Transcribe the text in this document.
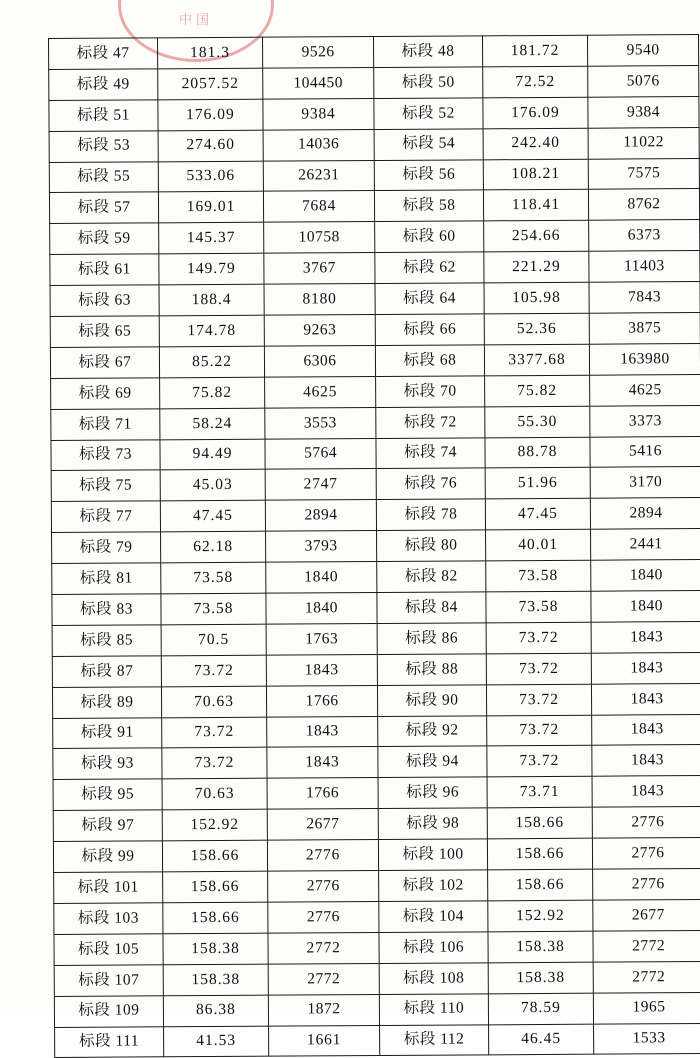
中国
标段 47	181.3	9526	标段 48	181.72	9540
标段 49	2057.52	104450	标段 50	72.52	5076
标段 51	176.09	9384	标段 52	176.09	9384
标段 53	274.60	14036	标段 54	242.40	11022
标段 55	533.06	26231	标段 56	108.21	7575
标段 57	169.01	7684	标段 58	118.41	8762
标段 59	145.37	10758	标段 60	254.66	6373
标段 61	149.79	3767	标段 62	221.29	11403
标段 63	188.4	8180	标段 64	105.98	7843
标段 65	174.78	9263	标段 66	52.36	3875
标段 67	85.22	6306	标段 68	3377.68	163980
标段 69	75.82	4625	标段 70	75.82	4625
标段 71	58.24	3553	标段 72	55.30	3373
标段 73	94.49	5764	标段 74	88.78	5416
标段 75	45.03	2747	标段 76	51.96	3170
标段 77	47.45	2894	标段 78	47.45	2894
标段 79	62.18	3793	标段 80	40.01	2441
标段 81	73.58	1840	标段 82	73.58	1840
标段 83	73.58	1840	标段 84	73.58	1840
标段 85	70.5	1763	标段 86	73.72	1843
标段 87	73.72	1843	标段 88	73.72	1843
标段 89	70.63	1766	标段 90	73.72	1843
标段 91	73.72	1843	标段 92	73.72	1843
标段 93	73.72	1843	标段 94	73.72	1843
标段 95	70.63	1766	标段 96	73.71	1843
标段 97	152.92	2677	标段 98	158.66	2776
标段 99	158.66	2776	标段 100	158.66	2776
标段 101	158.66	2776	标段 102	158.66	2776
标段 103	158.66	2776	标段 104	152.92	2677
标段 105	158.38	2772	标段 106	158.38	2772
标段 107	158.38	2772	标段 108	158.38	2772
标段 109	86.38	1872	标段 110	78.59	1965
标段 111	41.53	1661	标段 112	46.45	1533
